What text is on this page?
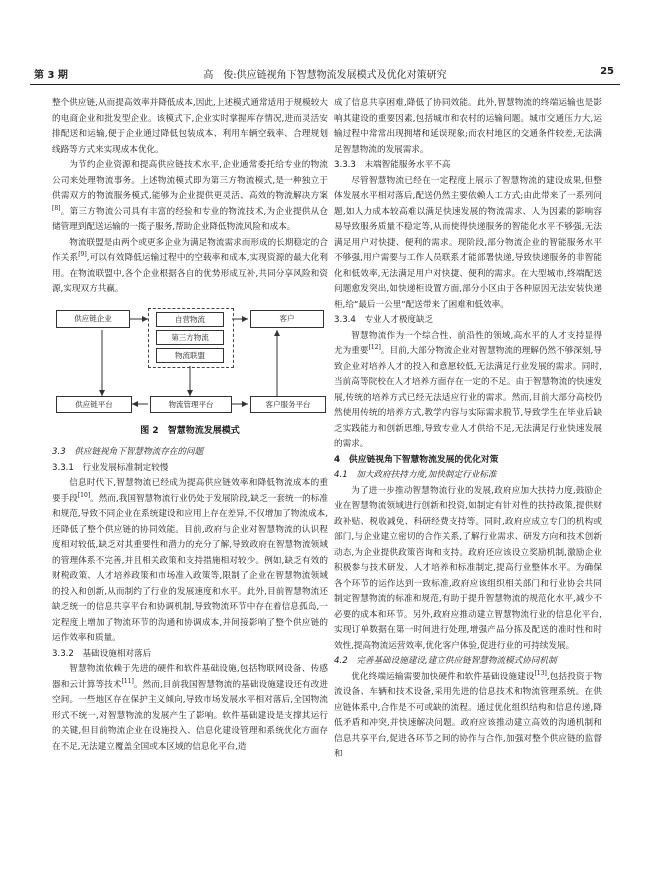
第 3 期	高　俊:供应链视角下智慧物流发展模式及优化对策研究	25

整个供应链,从而提高效率并降低成本,因此,上述模式通常适用于规模较大的电商企业和批发型企业。该模式下,企业实时掌握库存情况,进而灵活安排配送和运输,便于企业通过降低包装成本、利用车辆空载率、合理规划线路等方式来实现成本优化。

为节约企业资源和提高供应链技术水平,企业通常委托给专业的物流公司来处理物流事务。上述物流模式即为第三方物流模式,是一种独立于供需双方的物流服务模式,能够为企业提供更灵活、高效的物流解决方案[8]。第三方物流公司具有丰富的经验和专业的物流技术,为企业提供从仓储管理到配送运输的一揽子服务,帮助企业降低物流风险和成本。

物流联盟是由两个或更多企业为满足物流需求而形成的长期稳定的合作关系[9],可以有效降低运输过程中的空载率和成本,实现资源的最大化利用。在物流联盟中,各个企业根据各自的优势形成互补,共同分享风险和资源,实现双方共赢。

供应链企业	自营物流
第三方物流
物流联盟
客户
供应链平台	物流管理平台	客户服务平台
图 2　智慧物流发展模式
3.3　供应链视角下智慧物流存在的问题
3.3.1　行业发展标准制定较慢

信息时代下,智慧物流已经成为提高供应链效率和降低物流成本的重要手段[10]。然而,我国智慧物流行业仍处于发展阶段,缺乏一套统一的标准和规范,导致不同企业在系统建设和应用上存在差异,不仅增加了物流成本,还降低了整个供应链的协同效能。目前,政府与企业对智慧物流的认识程度相对较低,缺乏对其重要性和潜力的充分了解,导致政府在智慧物流领域的管理体系不完善,并且相关政策和支持措施相对较少。例如,缺乏有效的财税政策、人才培养政策和市场准入政策等,限制了企业在智慧物流领域的投入和创新,从而制约了行业的发展速度和水平。此外,目前智慧物流还缺乏统一的信息共享平台和协调机制,导致物流环节中存在着信息孤岛,一定程度上增加了物流环节的沟通和协调成本,并间接影响了整个供应链的运作效率和质量。

3.3.2　基础设施相对落后

智慧物流依赖于先进的硬件和软件基础设施,包括物联网设备、传感器和云计算等技术[11]。然而,目前我国智慧物流的基础设施建设还有改进空间。一些地区存在保护主义倾向,导致市场发展水平相对落后,全国物流形式不统一,对智慧物流的发展产生了影响。软件基础建设是支撑其运行的关键,但目前物流企业在设施投入、信息化建设管理和系统优化方面存在不足,无法建立覆盖全国或本区域的信息化平台,造

成了信息共享困难,降低了协同效能。此外,智慧物流的终端运输也是影响其建设的重要因素,包括城市和农村的运输问题。城市交通压力大,运输过程中常常出现拥堵和延误现象;而农村地区的交通条件较差,无法满足智慧物流的发展需求。

3.3.3　末端智能服务水平不高

尽管智慧物流已经在一定程度上展示了智慧物流的建设成果,但整体发展水平相对落后,配送仍然主要依赖人工方式;由此带来了一系列问题,如人力成本较高难以满足快速发展的物流需求、人为因素的影响容易导致服务质量不稳定等,从而使得快递服务的智能化水平不够强,无法满足用户对快捷、便利的需求。现阶段,部分物流企业的智能服务水平不够强,用户需要与工作人员联系才能部署快递,导致快递服务的非智能化和低效率,无法满足用户对快捷、便利的需求。在大型城市,终端配送问题愈发突出,如快递柜设置方面,部分小区由于各种原因无法安装快递柜,给“最后一公里”配送带来了困难和低效率。

3.3.4　专业人才极度缺乏

智慧物流作为一个综合性、前沿性的领域,高水平的人才支持显得尤为重要[12]。目前,大部分物流企业对智慧物流的理解仍然不够深刻,导致企业对培养人才的投入和意愿较低,无法满足行业发展的需求。同时,当前高等院校在人才培养方面存在一定的不足。由于智慧物流的快速发展,传统的培养方式已经无法适应行业的需求。然而,目前大部分高校仍然使用传统的培养方式,教学内容与实际需求脱节,导致学生在毕业后缺乏实践能力和创新思维,导致专业人才供给不足,无法满足行业快速发展的需求。

4　供应链视角下智慧物流发展的优化对策
4.1　加大政府扶持力度,加快制定行业标准

为了进一步推动智慧物流行业的发展,政府应加大扶持力度,鼓励企业在智慧物流领域进行创新和投资,如制定有针对性的扶持政策,提供财政补贴、税收减免、科研经费支持等。同时,政府应成立专门的机构或部门,与企业建立密切的合作关系,了解行业需求、研发方向和技术创新动态,为企业提供政策咨询和支持。政府还应该设立奖励机制,激励企业积极参与技术研发、人才培养和标准制定,提高行业整体水平。为确保各个环节的运作达到一致标准,政府应该组织相关部门和行业协会共同制定智慧物流的标准和规范,有助于提升智慧物流的规范化水平,减少不必要的成本和环节。另外,政府应推动建立智慧物流行业的信息化平台,实现订单数据在第一时间进行处理,增强产品分拣及配送的准时性和时效性,提高物流运营效率,优化客户体验,促进行业的可持续发展。

4.2　完善基础设施建设,建立供应链智慧物流模式协同机制

优化终端运输需要加快硬件和软件基础设施建设[13],包括投资于物流设备、车辆和技术设备,采用先进的信息技术和物流管理系统。在供应链体系中,合作是不可或缺的流程。通过优化组织结构和信息传递,降低矛盾和冲突,并快速解决问题。政府应该推动建立高效的沟通机制和信息共享平台,促进各环节之间的协作与合作,加强对整个供应链的监督和
